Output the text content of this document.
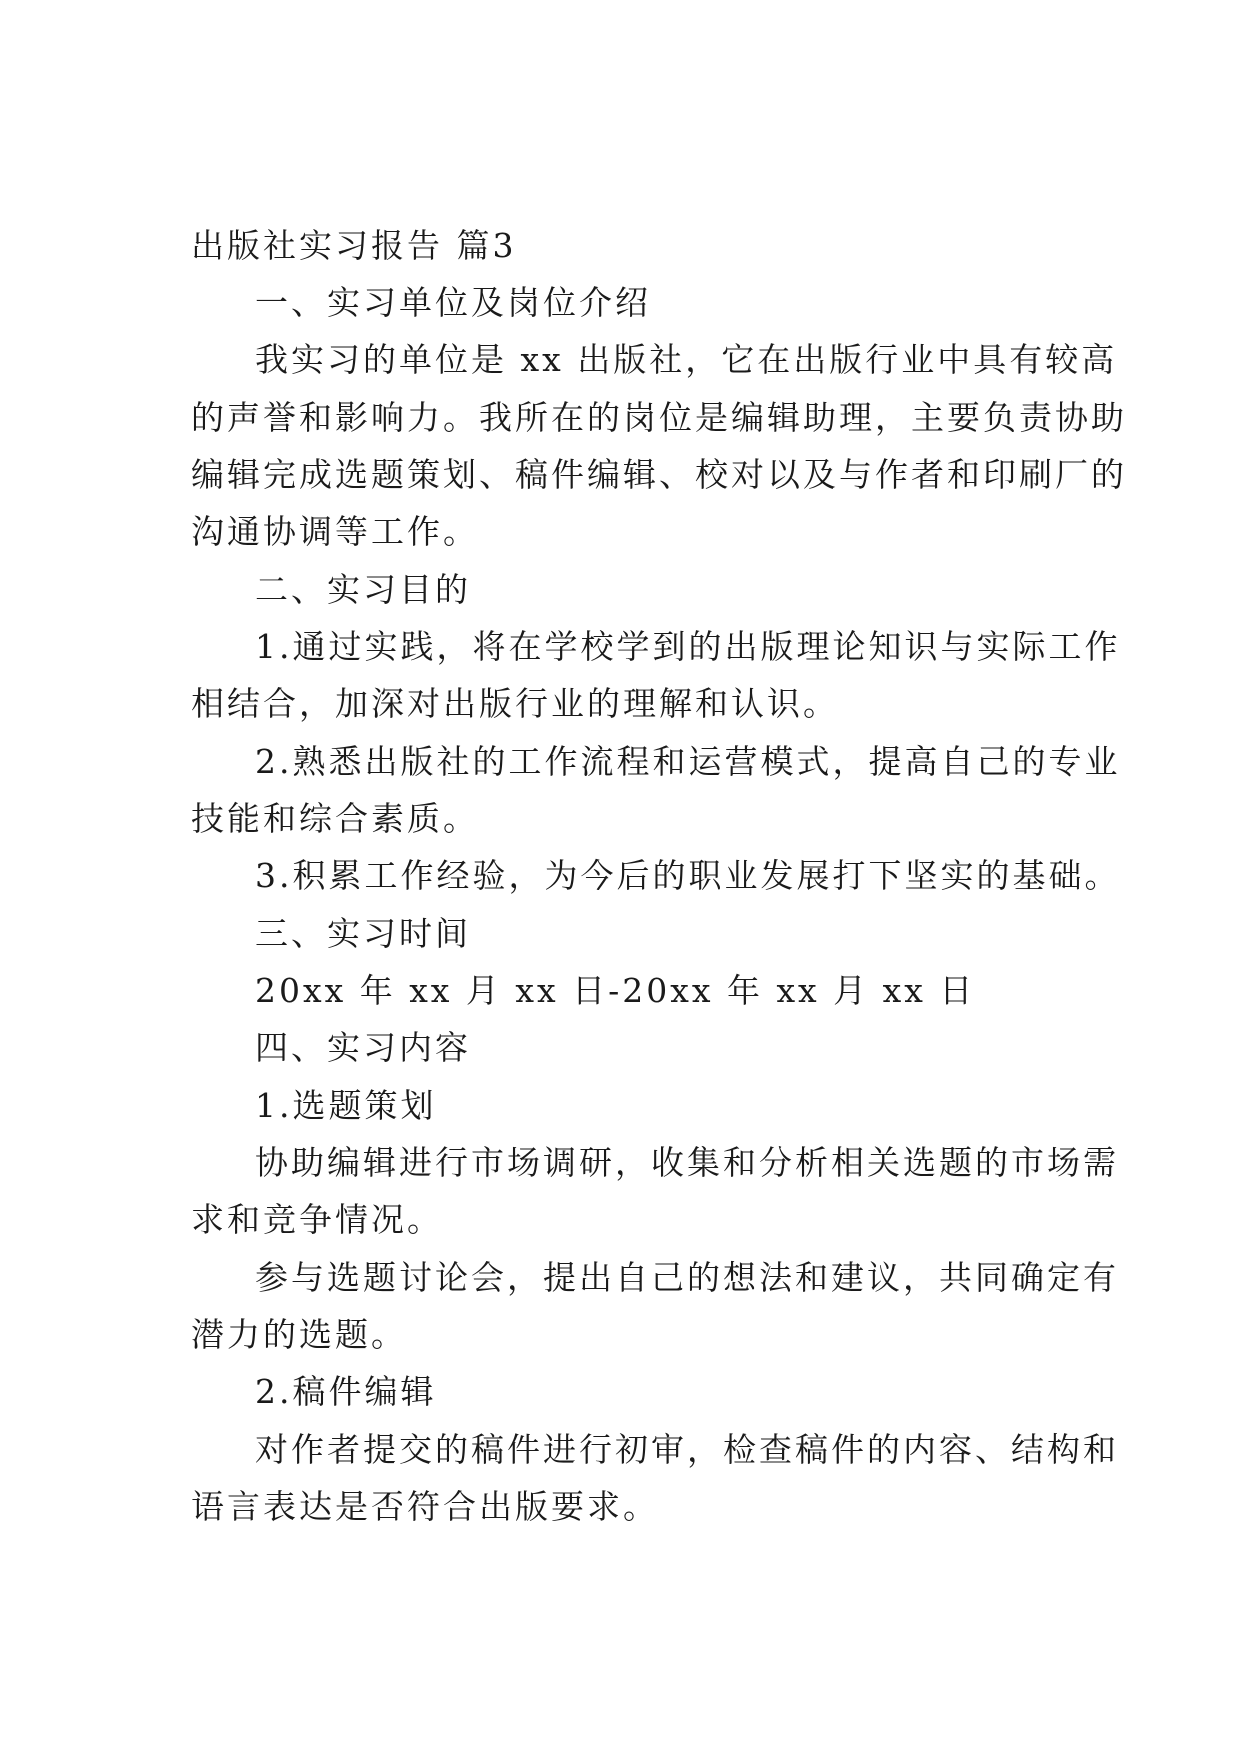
出版社实习报告 篇3
一、实习单位及岗位介绍
我实习的单位是 xx 出版社，它在出版行业中具有较高
的声誉和影响力。我所在的岗位是编辑助理，主要负责协助
编辑完成选题策划、稿件编辑、校对以及与作者和印刷厂的
沟通协调等工作。
二、实习目的
1.通过实践，将在学校学到的出版理论知识与实际工作
相结合，加深对出版行业的理解和认识。
2.熟悉出版社的工作流程和运营模式，提高自己的专业
技能和综合素质。
3.积累工作经验，为今后的职业发展打下坚实的基础。
三、实习时间
20xx 年 xx 月 xx 日-20xx 年 xx 月 xx 日
四、实习内容
1.选题策划
协助编辑进行市场调研，收集和分析相关选题的市场需
求和竞争情况。
参与选题讨论会，提出自己的想法和建议，共同确定有
潜力的选题。
2.稿件编辑
对作者提交的稿件进行初审，检查稿件的内容、结构和
语言表达是否符合出版要求。
